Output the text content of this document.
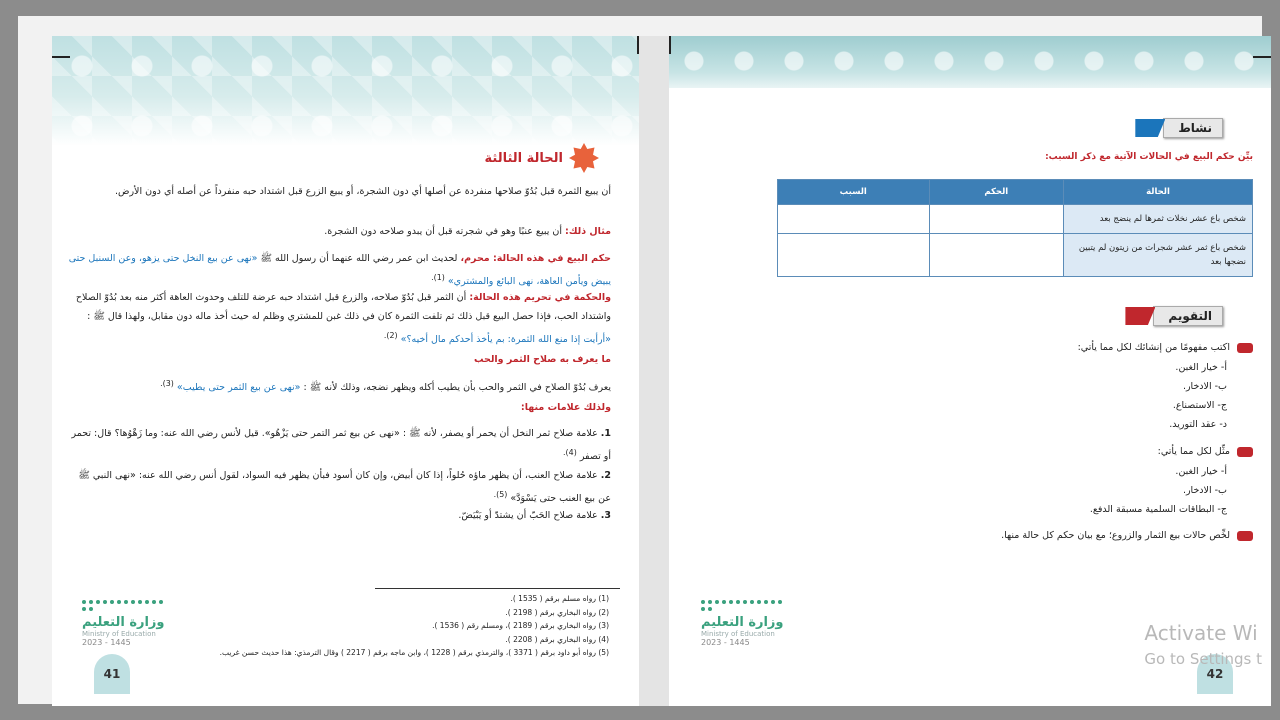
الحالة الثالثة
أن يبيع الثمرة قبل بُدُوّ صلاحها منفردة عن أصلها أي دون الشجرة، أو يبيع الزرع قبل اشتداد حبه منفرداً عن أصله أي دون الأرض.
مثال ذلك: أن يبيع عنبًا وهو في شجرته قبل أن يبدو صلاحه دون الشجرة.
حكم البيع في هذه الحالة: محرم، لحديث ابن عمر رضي الله عنهما أن رسول الله ﷺ «نهى عن بيع النخل حتى يزهو، وعن السنبل حتى يبيض ويأمن العاهة، نهى البائع والمشتري» $^{(1).}$
والحكمة في تحريم هذه الحالة: أن الثمر قبل بُدُوّ صلاحه، والزرع قبل اشتداد حبه عرضة للتلف وحدوث العاهة أكثر منه بعد بُدُوّ الصلاح واشتداد الحب، فإذا حصل البيع قبل ذلك ثم تلفت الثمرة كان في ذلك غبن للمشتري وظلم له حيث أخذ ماله دون مقابل، ولهذا قال ﷺ : «أرأيت إذا منع الله الثمرة: بم يأخذ أحدكم مال أخيه؟» $^{(2).}$
ما يعرف به صلاح الثمر والحب
يعرف بُدُوّ الصلاح في الثمر والحب بأن يطيب أكله ويظهر نضجه، وذلك لأنه ﷺ : «نهى عن بيع الثمر حتى يطيب» $^{(3).}$
ولذلك علامات منها:
1. علامة صلاح ثمر النخل أن يحمر أو يصفر، لأنه ﷺ : «نهى عن بيع ثمر التمر حتى يَزْهُو». قيل لأنس رضي الله عنه: وما زَهْوُها؟ قال: تحمر أو تصفر $^{(4).}$
2. علامة صلاح العنب، أن يظهر ماؤه حُلواً، إذا كان أبيض، وإن كان أسود فبأن يظهر فيه السواد، لقول أنس رضي الله عنه: «نهى النبي ﷺ عن بيع العنب حتى يَسْوَدَّ» $^{(5).}$
3. علامة صلاح الحَبّ أن يشتدّ أو يَبْيَضّ.
(1) رواه مسلم برقم ( 1535 ).
(2) رواه البخاري برقم ( 2198 ).
(3) رواه البخاري برقم ( 2189 )، ومسلم رقم ( 1536 ).
(4) رواه البخاري برقم ( 2208 ).
(5) رواه أبو داود برقم ( 3371 )، والترمذي برقم ( 1228 )، وابن ماجه برقم ( 2217 ) وقال الترمذي: هذا حديث حسن غريب.
وزارة التعليم
Ministry of Education
2023 - 1445
41
نشاط
بيِّن حكم البيع في الحالات الآتية مع ذكر السبب:
الحالة	الحكم	السبب
شخص باع عشر نخلات ثمرها لم ينضج بعد		
شخص باع ثمر عشر شجرات من زيتون لم يتبين نضجها بعد		
التقويم
اكتب مفهومًا من إنشائك لكل مما يأتي:
أ- خيار الغبن.
ب- الادخار.
ج- الاستصناع.
د- عقد التوريد.
مثِّل لكل مما يأتي:
أ- خيار الغبن.
ب- الادخار.
ج- البطاقات السلمية مسبقة الدفع.
لخِّص حالات بيع الثمار والزروع؛ مع بيان حكم كل حالة منها.
وزارة التعليم
Ministry of Education
2023 - 1445
42
Activate Wi
Go to Settings t
